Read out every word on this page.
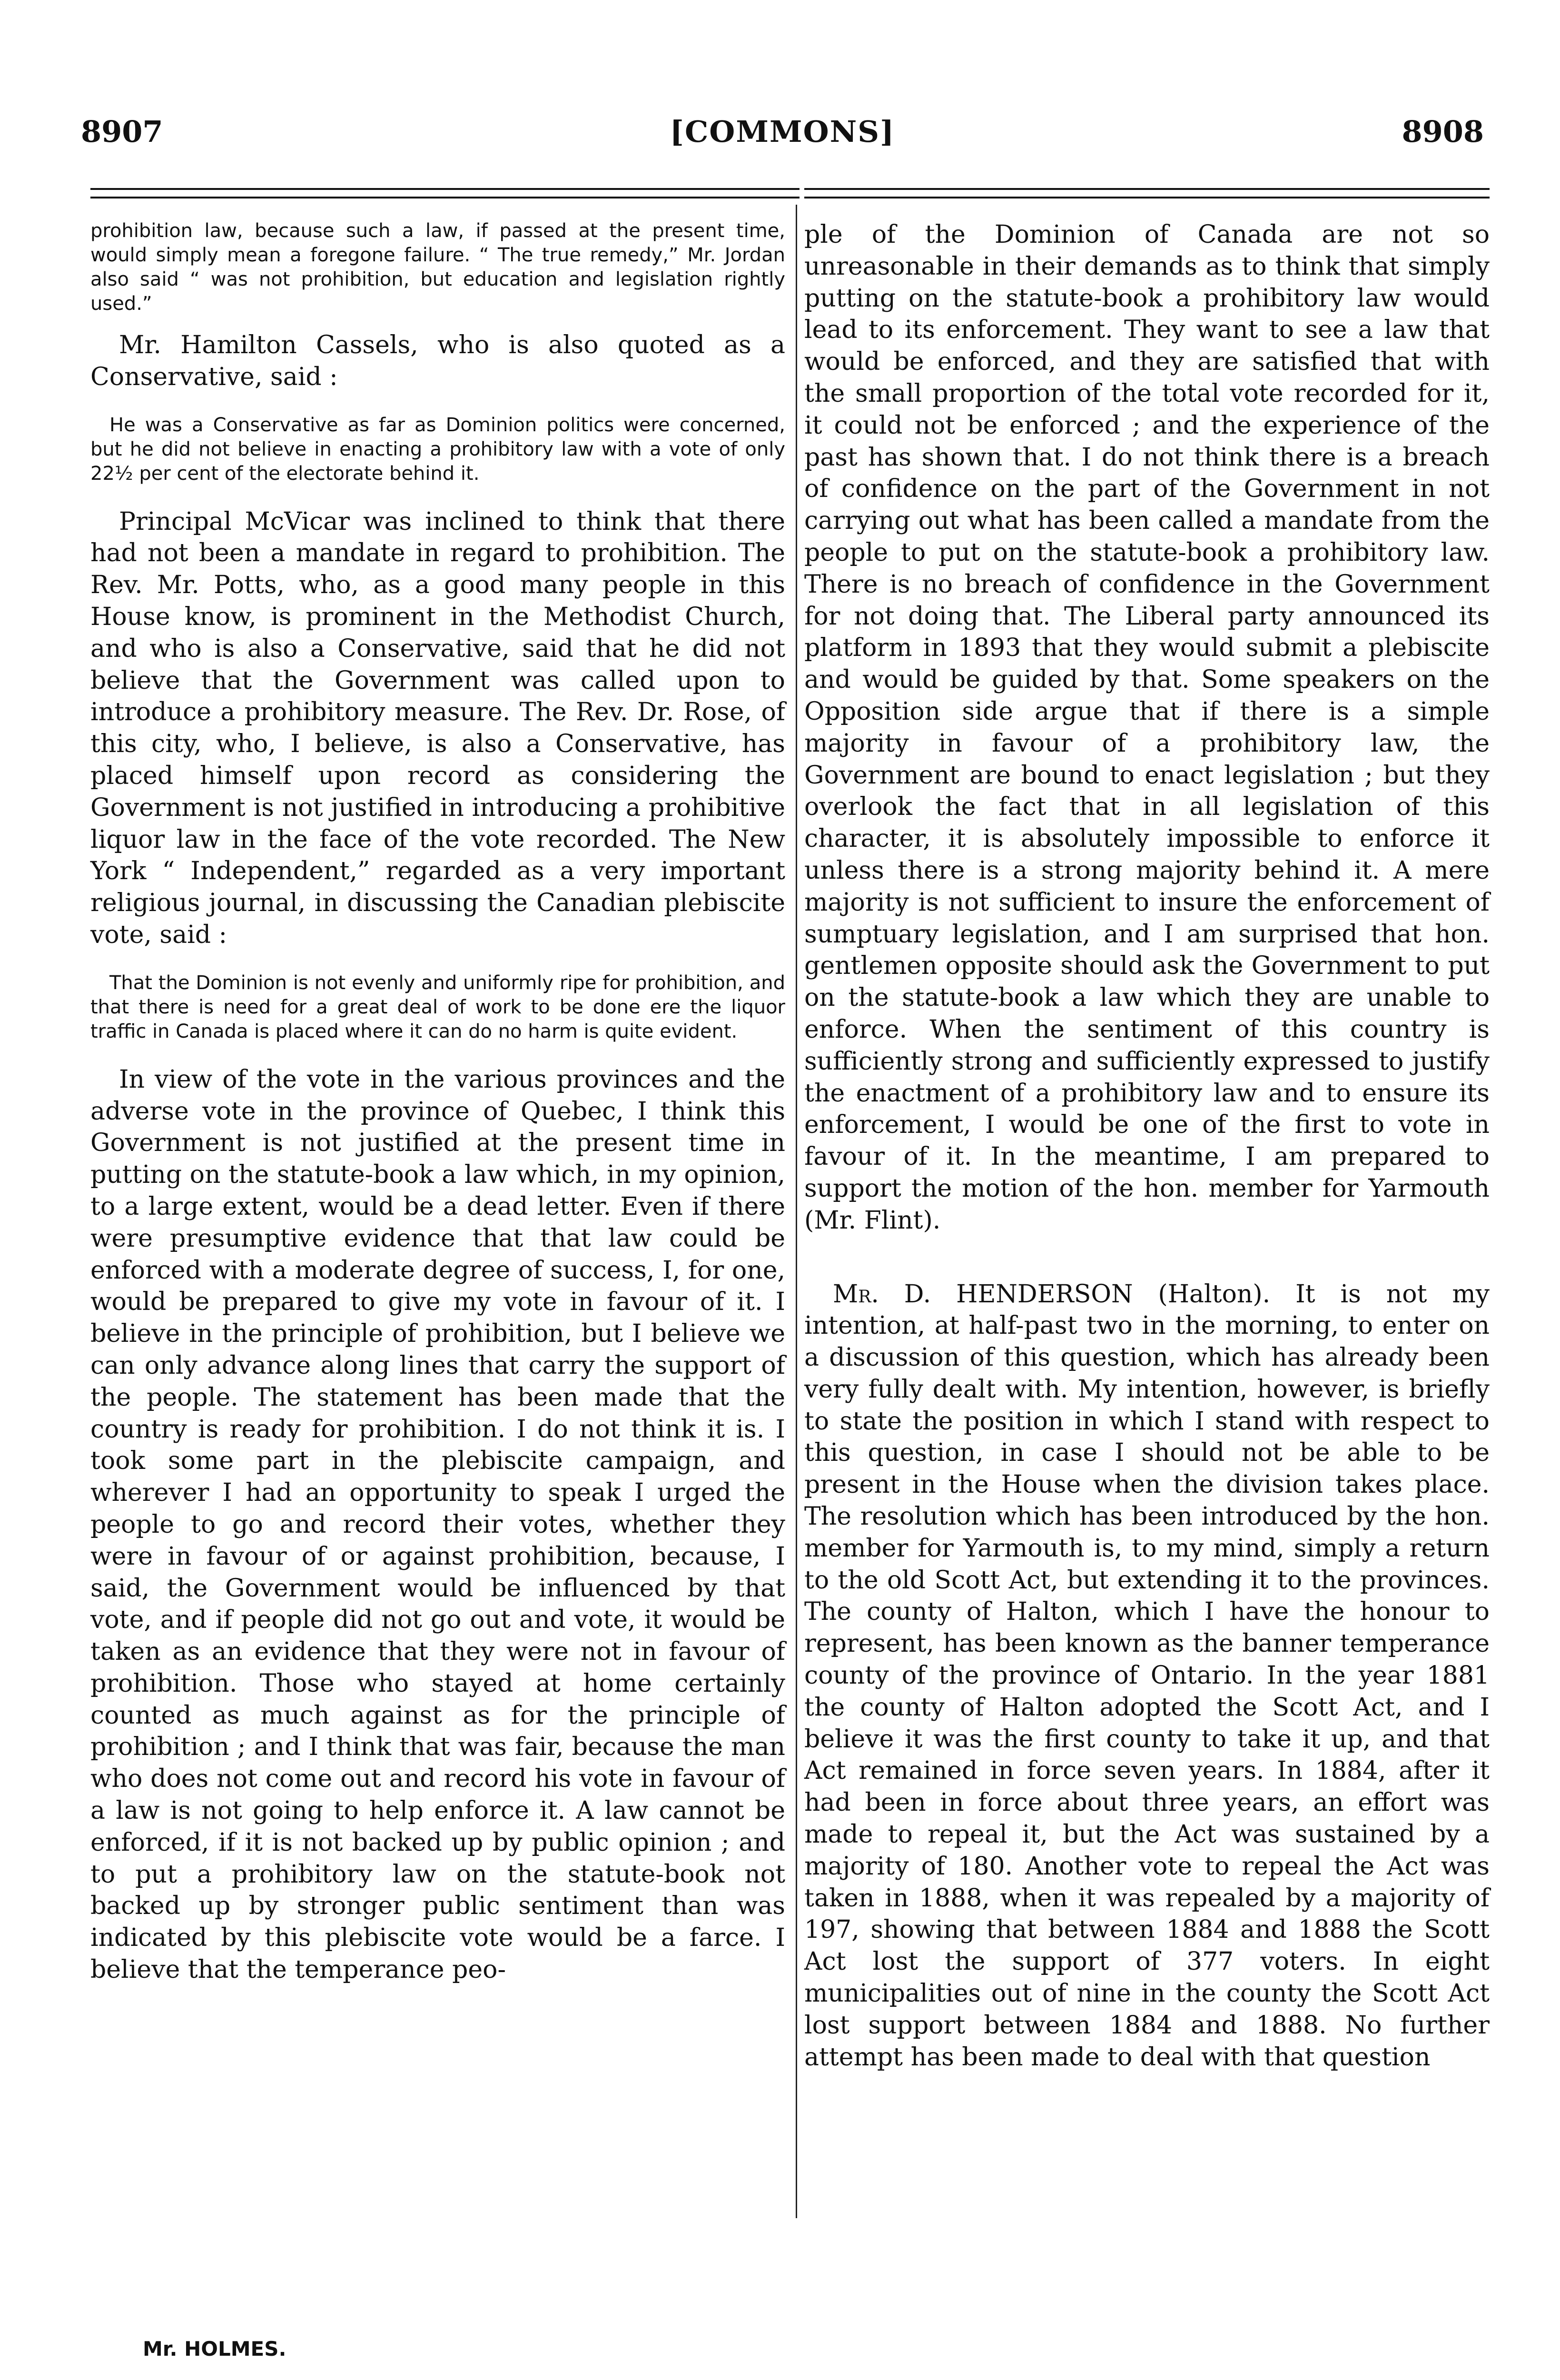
8907	[COMMONS]	8908

prohibition law, because such a law, if passed at the present time, would simply mean a foregone failure. “ The true remedy,” Mr. Jordan also said “ was not prohibition, but education and legislation rightly used.”

Mr. Hamilton Cassels, who is also quoted as a Conservative, said :

He was a Conservative as far as Dominion politics were concerned, but he did not believe in enacting a prohibitory law with a vote of only 22½ per cent of the electorate behind it.

Principal McVicar was inclined to think that there had not been a mandate in regard to prohibition. The Rev. Mr. Potts, who, as a good many people in this House know, is prominent in the Methodist Church, and who is also a Conservative, said that he did not believe that the Government was called upon to introduce a prohibitory measure. The Rev. Dr. Rose, of this city, who, I believe, is also a Conservative, has placed himself upon record as considering the Government is not justified in introducing a prohibitive liquor law in the face of the vote recorded. The New York “ Independent,” regarded as a very important religious journal, in discussing the Canadian plebiscite vote, said :

That the Dominion is not evenly and uniformly ripe for prohibition, and that there is need for a great deal of work to be done ere the liquor traffic in Canada is placed where it can do no harm is quite evident.

In view of the vote in the various provinces and the adverse vote in the province of Quebec, I think this Government is not justified at the present time in putting on the statute-book a law which, in my opinion, to a large extent, would be a dead letter. Even if there were presumptive evidence that that law could be enforced with a moderate degree of success, I, for one, would be prepared to give my vote in favour of it. I believe in the principle of prohibition, but I believe we can only advance along lines that carry the support of the people. The statement has been made that the country is ready for prohibition. I do not think it is. I took some part in the plebiscite campaign, and wherever I had an opportunity to speak I urged the people to go and record their votes, whether they were in favour of or against prohibition, because, I said, the Government would be influenced by that vote, and if people did not go out and vote, it would be taken as an evidence that they were not in favour of prohibition. Those who stayed at home certainly counted as much against as for the principle of prohibition ; and I think that was fair, because the man who does not come out and record his vote in favour of a law is not going to help enforce it. A law cannot be enforced, if it is not backed up by public opinion ; and to put a prohibitory law on the statute-book not backed up by stronger public sentiment than was indicated by this plebiscite vote would be a farce. I believe that the temperance peo-

ple of the Dominion of Canada are not so unreasonable in their demands as to think that simply putting on the statute-book a prohibitory law would lead to its enforcement. They want to see a law that would be enforced, and they are satisfied that with the small proportion of the total vote recorded for it, it could not be enforced ; and the experience of the past has shown that. I do not think there is a breach of confidence on the part of the Government in not carrying out what has been called a mandate from the people to put on the statute-book a prohibitory law. There is no breach of confidence in the Government for not doing that. The Liberal party announced its platform in 1893 that they would submit a plebiscite and would be guided by that. Some speakers on the Opposition side argue that if there is a simple majority in favour of a prohibitory law, the Government are bound to enact legislation ; but they overlook the fact that in all legislation of this character, it is absolutely impossible to enforce it unless there is a strong majority behind it. A mere majority is not sufficient to insure the enforcement of sumptuary legislation, and I am surprised that hon. gentlemen opposite should ask the Government to put on the statute-book a law which they are unable to enforce. When the sentiment of this country is sufficiently strong and sufficiently expressed to justify the enactment of a prohibitory law and to ensure its enforcement, I would be one of the first to vote in favour of it. In the meantime, I am prepared to support the motion of the hon. member for Yarmouth (Mr. Flint).

Mr. D. HENDERSON (Halton). It is not my intention, at half-past two in the morning, to enter on a discussion of this question, which has already been very fully dealt with. My intention, however, is briefly to state the position in which I stand with respect to this question, in case I should not be able to be present in the House when the division takes place. The resolution which has been introduced by the hon. member for Yarmouth is, to my mind, simply a return to the old Scott Act, but extending it to the provinces. The county of Halton, which I have the honour to represent, has been known as the banner temperance county of the province of Ontario. In the year 1881 the county of Halton adopted the Scott Act, and I believe it was the first county to take it up, and that Act remained in force seven years. In 1884, after it had been in force about three years, an effort was made to repeal it, but the Act was sustained by a majority of 180. Another vote to repeal the Act was taken in 1888, when it was repealed by a majority of 197, showing that between 1884 and 1888 the Scott Act lost the support of 377 voters. In eight municipalities out of nine in the county the Scott Act lost support between 1884 and 1888. No further attempt has been made to deal with that question

Mr. HOLMES.
